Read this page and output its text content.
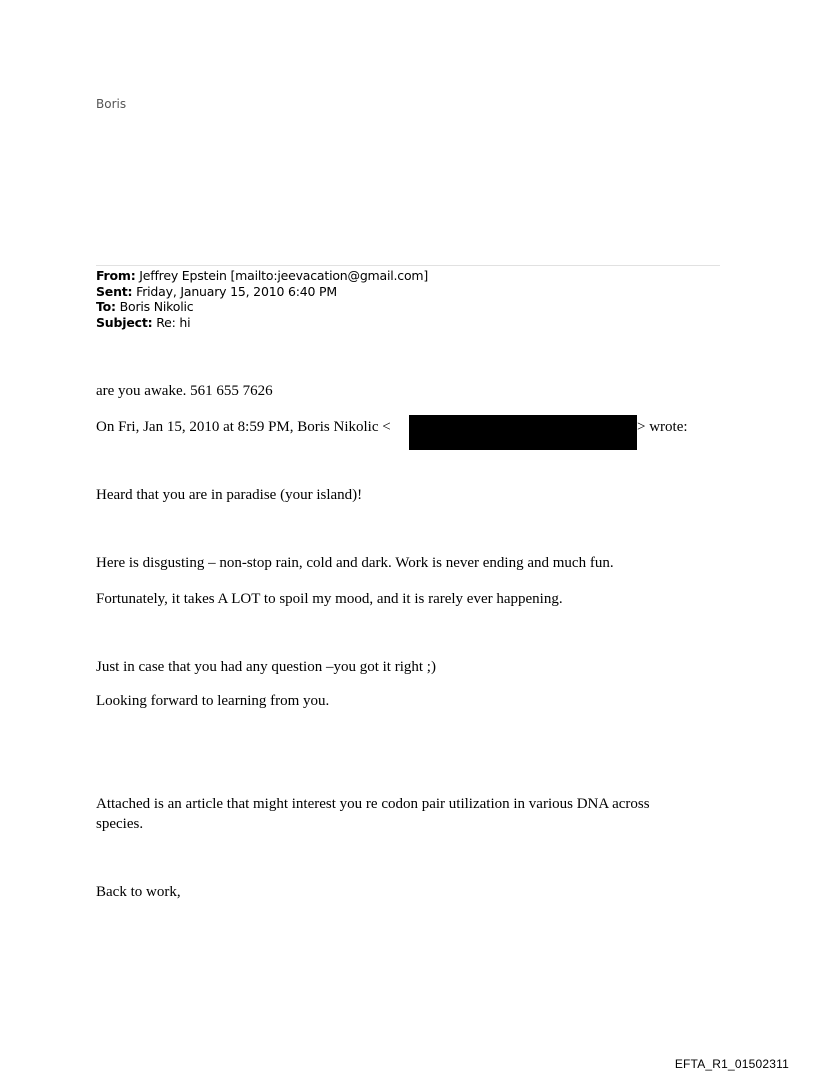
Boris
From: Jeffrey Epstein [mailto:jeevacation@gmail.com]
Sent: Friday, January 15, 2010 6:40 PM
To: Boris Nikolic
Subject: Re: hi
are you awake. 561 655 7626
On Fri, Jan 15, 2010 at 8:59 PM, Boris Nikolic <	> wrote:
Heard that you are in paradise (your island)!
Here is disgusting – non-stop rain, cold and dark. Work is never ending and much fun.
Fortunately, it takes A LOT to spoil my mood, and it is rarely ever happening.
Just in case that you had any question –you got it right ;)
Looking forward to learning from you.
Attached is an article that might interest you re codon pair utilization in various DNA across
species.
Back to work,
EFTA_R1_01502311
